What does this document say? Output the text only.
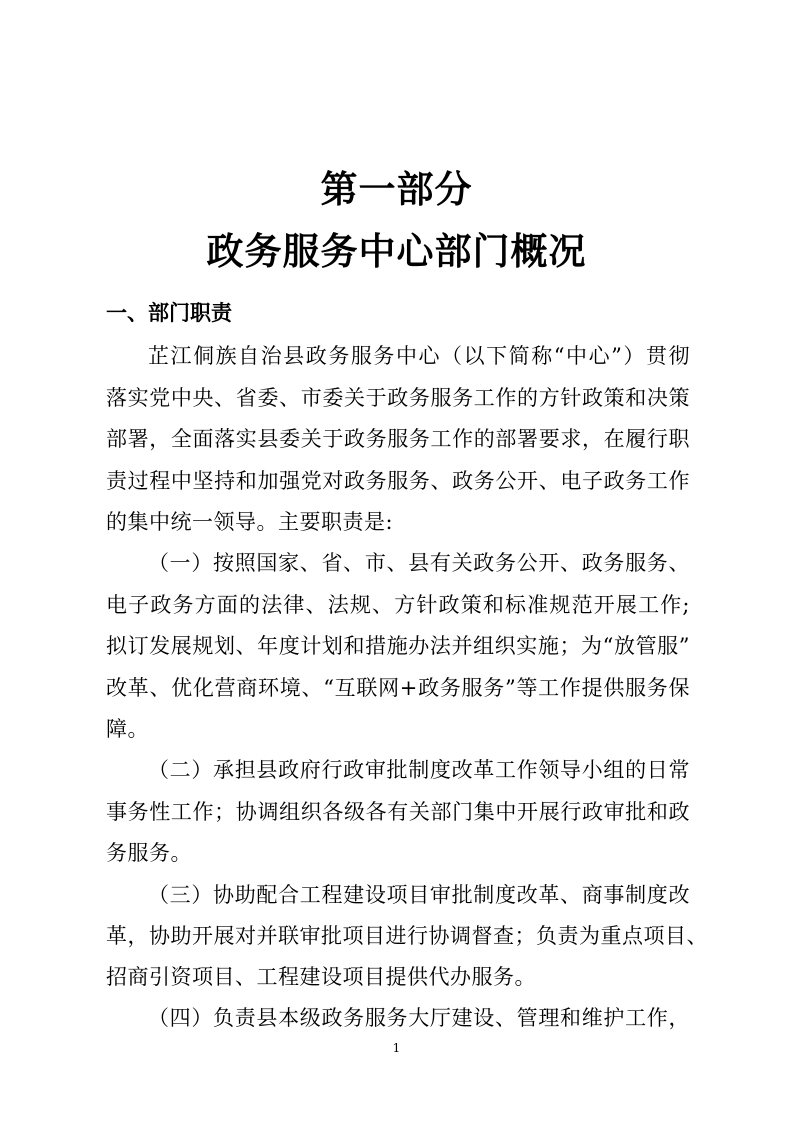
第一部分
政务服务中心部门概况
一、部门职责
芷江侗族自治县政务服务中心（以下简称“中心”）贯彻
落实党中央、省委、市委关于政务服务工作的方针政策和决策
部署，全面落实县委关于政务服务工作的部署要求，在履行职
责过程中坚持和加强党对政务服务、政务公开、电子政务工作
的集中统一领导。主要职责是:
（一）按照国家、省、市、县有关政务公开、政务服务、
电子政务方面的法律、法规、方针政策和标准规范开展工作;
拟订发展规划、年度计划和措施办法并组织实施；为“放管服”
改革、优化营商环境、“互联网+政务服务”等工作提供服务保
障。
（二）承担县政府行政审批制度改革工作领导小组的日常
事务性工作；协调组织各级各有关部门集中开展行政审批和政
务服务。
（三）协助配合工程建设项目审批制度改革、商事制度改
革，协助开展对并联审批项目进行协调督查；负责为重点项目、
招商引资项目、工程建设项目提供代办服务。
（四）负责县本级政务服务大厅建设、管理和维护工作，
1
